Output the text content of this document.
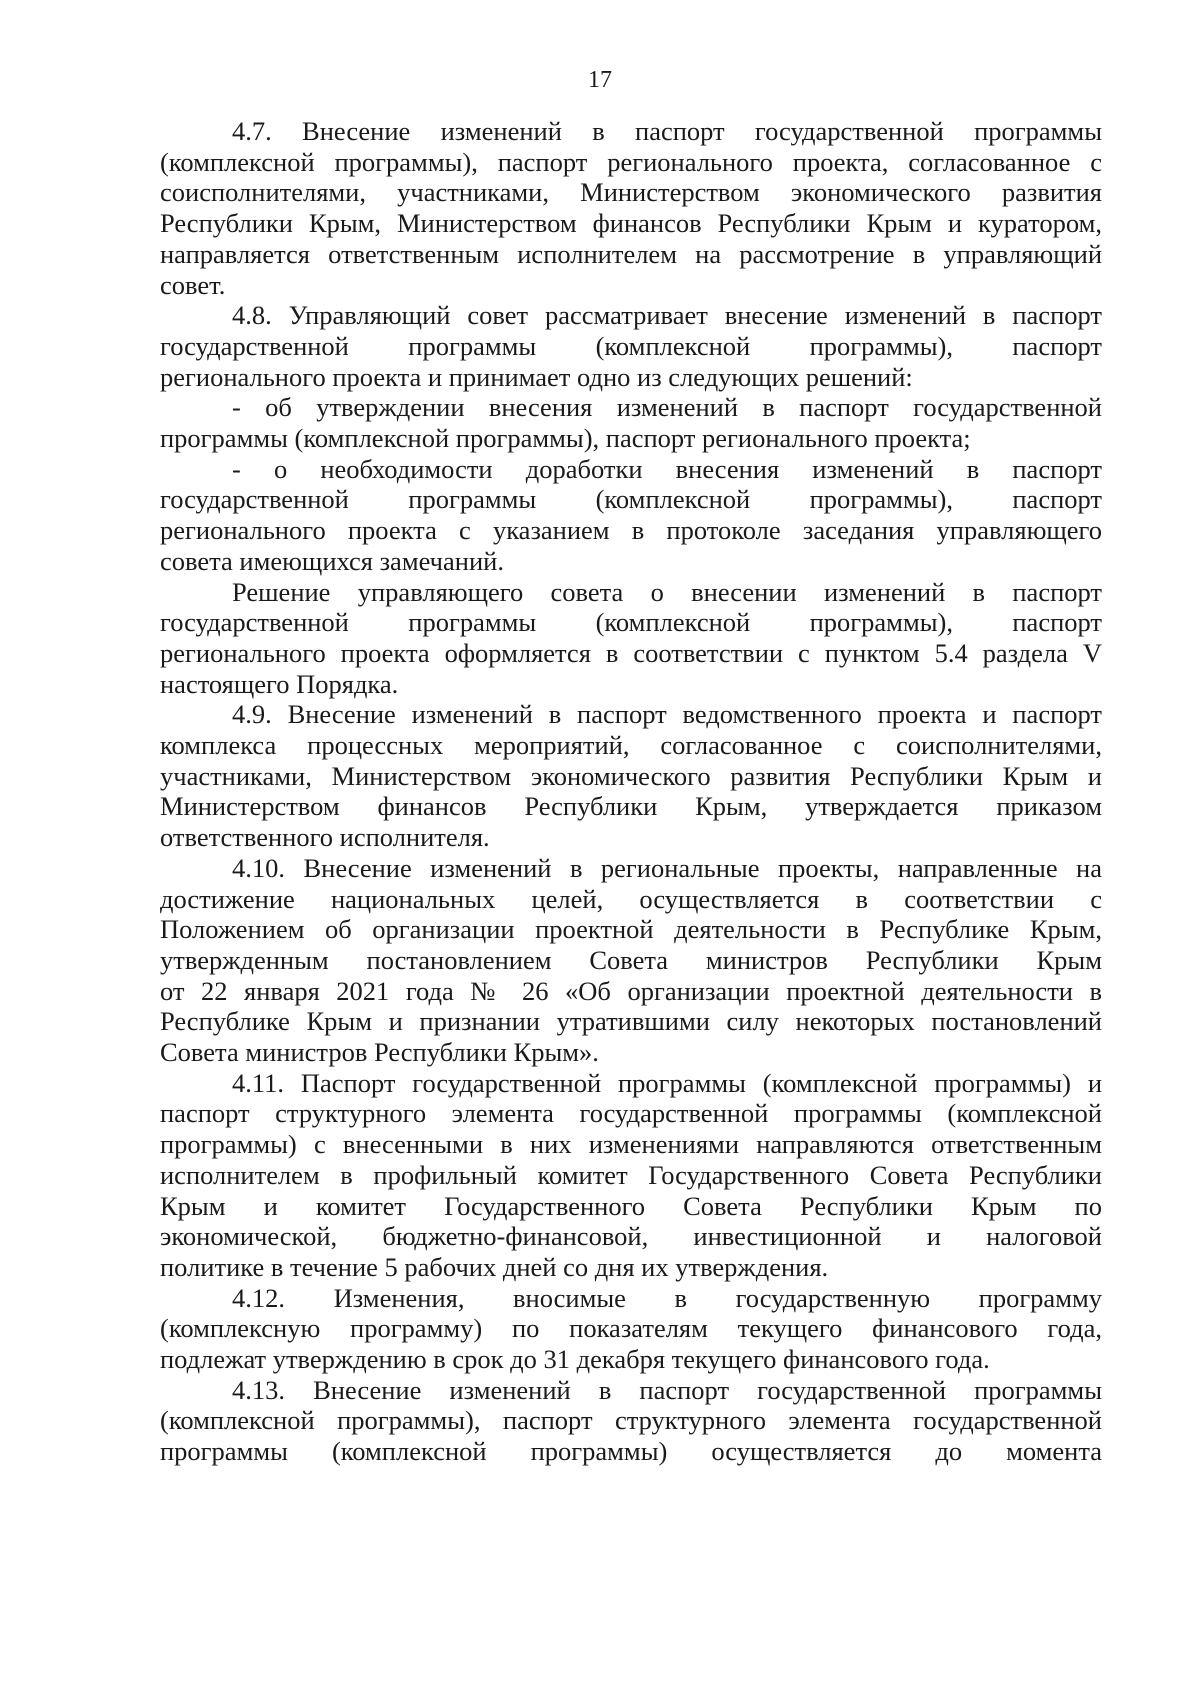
17
4.7. Внесение изменений в паспорт государственной программы
(комплексной программы), паспорт регионального проекта, согласованное с
соисполнителями, участниками, Министерством экономического развития
Республики Крым, Министерством финансов Республики Крым и куратором,
направляется ответственным исполнителем на рассмотрение в управляющий
совет.
4.8. Управляющий совет рассматривает внесение изменений в паспорт
государственной программы (комплексной программы), паспорт
регионального проекта и принимает одно из следующих решений:
- об утверждении внесения изменений в паспорт государственной
программы (комплексной программы), паспорт регионального проекта;
- о необходимости доработки внесения изменений в паспорт
государственной программы (комплексной программы), паспорт
регионального проекта с указанием в протоколе заседания управляющего
совета имеющихся замечаний.
Решение управляющего совета о внесении изменений в паспорт
государственной программы (комплексной программы), паспорт
регионального проекта оформляется в соответствии с пунктом 5.4 раздела V
настоящего Порядка.
4.9. Внесение изменений в паспорт ведомственного проекта и паспорт
комплекса процессных мероприятий, согласованное с соисполнителями,
участниками, Министерством экономического развития Республики Крым и
Министерством финансов Республики Крым, утверждается приказом
ответственного исполнителя.
4.10. Внесение изменений в региональные проекты, направленные на
достижение национальных целей, осуществляется в соответствии с
Положением об организации проектной деятельности в Республике Крым,
утвержденным постановлением Совета министров Республики Крым
от 22 января 2021 года № 26 «Об организации проектной деятельности в
Республике Крым и признании утратившими силу некоторых постановлений
Совета министров Республики Крым».
4.11. Паспорт государственной программы (комплексной программы) и
паспорт структурного элемента государственной программы (комплексной
программы) с внесенными в них изменениями направляются ответственным
исполнителем в профильный комитет Государственного Совета Республики
Крым и комитет Государственного Совета Республики Крым по
экономической, бюджетно-финансовой, инвестиционной и налоговой
политике в течение 5 рабочих дней со дня их утверждения.
4.12. Изменения, вносимые в государственную программу
(комплексную программу) по показателям текущего финансового года,
подлежат утверждению в срок до 31 декабря текущего финансового года.
4.13. Внесение изменений в паспорт государственной программы
(комплексной программы), паспорт структурного элемента государственной
программы (комплексной программы) осуществляется до момента
